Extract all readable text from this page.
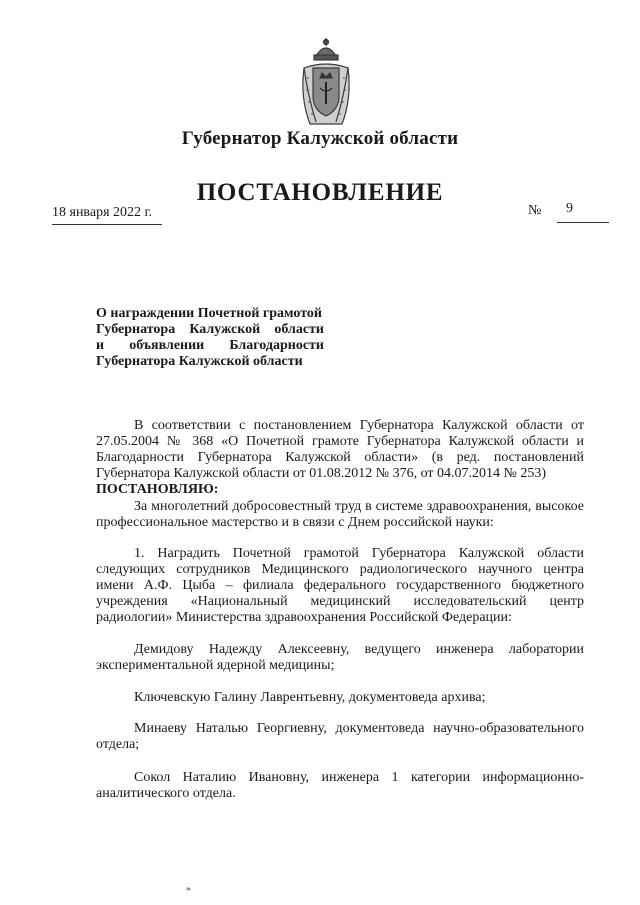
Губернатор Калужской области
ПОСТАНОВЛЕНИЕ
18 января 2022 г.	№ 9
О награждении Почетной грамотой
Губернатора Калужской области
и объявлении Благодарности
Губернатора Калужской области
В соответствии с постановлением Губернатора Калужской области от 27.05.2004 № 368 «О Почетной грамоте Губернатора Калужской области и Благодарности Губернатора Калужской области» (в ред. постановлений Губернатора Калужской области от 01.08.2012 № 376, от 04.07.2014 № 253)
ПОСТАНОВЛЯЮ:
За многолетний добросовестный труд в системе здравоохранения, высокое профессиональное мастерство и в связи с Днем российской науки:
1. Наградить Почетной грамотой Губернатора Калужской области следующих сотрудников Медицинского радиологического научного центра имени А.Ф. Цыба – филиала федерального государственного бюджетного учреждения «Национальный медицинский исследовательский центр радиологии» Министерства здравоохранения Российской Федерации:
Демидову Надежду Алексеевну, ведущего инженера лаборатории экспериментальной ядерной медицины;
Ключевскую Галину Лаврентьевну, документоведа архива;
Минаеву Наталью Георгиевну, документоведа научно-образовательного отдела;
Сокол Наталию Ивановну, инженера 1 категории информационно-аналитического отдела.
*
